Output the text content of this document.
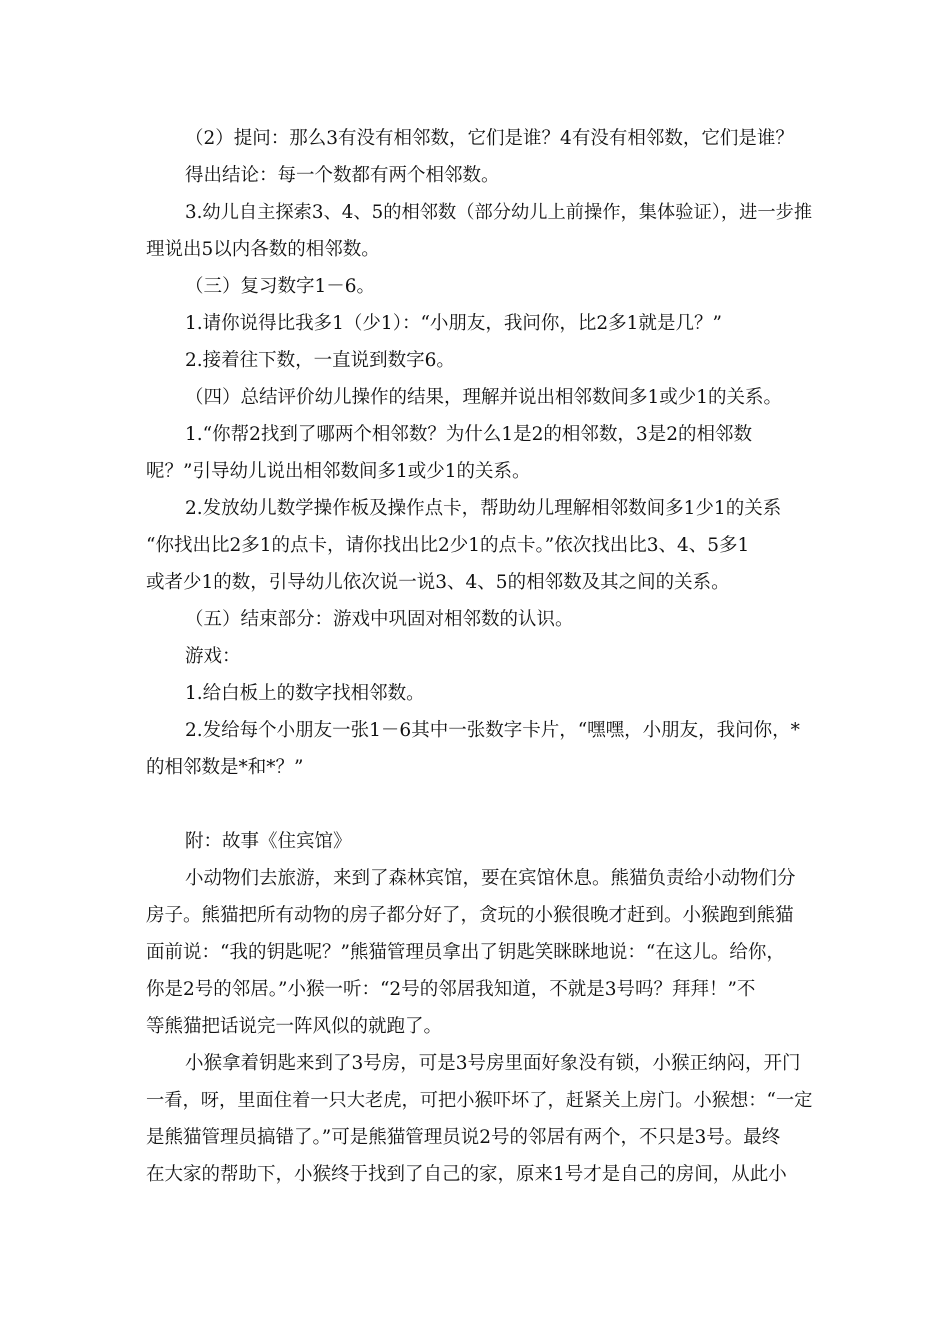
（2）提问：那么3有没有相邻数，它们是谁？4有没有相邻数，它们是谁？

得出结论：每一个数都有两个相邻数。

3.幼儿自主探索3、4、5的相邻数（部分幼儿上前操作，集体验证），进一步推

理说出5以内各数的相邻数。

（三）复习数字1－6。

1.请你说得比我多1（少1）：“小朋友，我问你，比2多1就是几？”

2.接着往下数，一直说到数字6。

（四）总结评价幼儿操作的结果，理解并说出相邻数间多1或少1的关系。

1.“你帮2找到了哪两个相邻数？为什么1是2的相邻数，3是2的相邻数

呢？”引导幼儿说出相邻数间多1或少1的关系。

2.发放幼儿数学操作板及操作点卡，帮助幼儿理解相邻数间多1少1的关系

“你找出比2多1的点卡，请你找出比2少1的点卡。”依次找出比3、4、5多1

或者少1的数，引导幼儿依次说一说3、4、5的相邻数及其之间的关系。

（五）结束部分：游戏中巩固对相邻数的认识。

游戏：

1.给白板上的数字找相邻数。

2.发给每个小朋友一张1－6其中一张数字卡片，“嘿嘿，小朋友，我问你，*

的相邻数是*和*？”

附：故事《住宾馆》

小动物们去旅游，来到了森林宾馆，要在宾馆休息。熊猫负责给小动物们分

房子。熊猫把所有动物的房子都分好了，贪玩的小猴很晚才赶到。小猴跑到熊猫

面前说：“我的钥匙呢？”熊猫管理员拿出了钥匙笑眯眯地说：“在这儿。给你，

你是2号的邻居。”小猴一听：“2号的邻居我知道，不就是3号吗？拜拜！”不

等熊猫把话说完一阵风似的就跑了。

小猴拿着钥匙来到了3号房，可是3号房里面好象没有锁，小猴正纳闷，开门

一看，呀，里面住着一只大老虎，可把小猴吓坏了，赶紧关上房门。小猴想：“一定

是熊猫管理员搞错了。”可是熊猫管理员说2号的邻居有两个，不只是3号。最终

在大家的帮助下，小猴终于找到了自己的家，原来1号才是自己的房间，从此小
